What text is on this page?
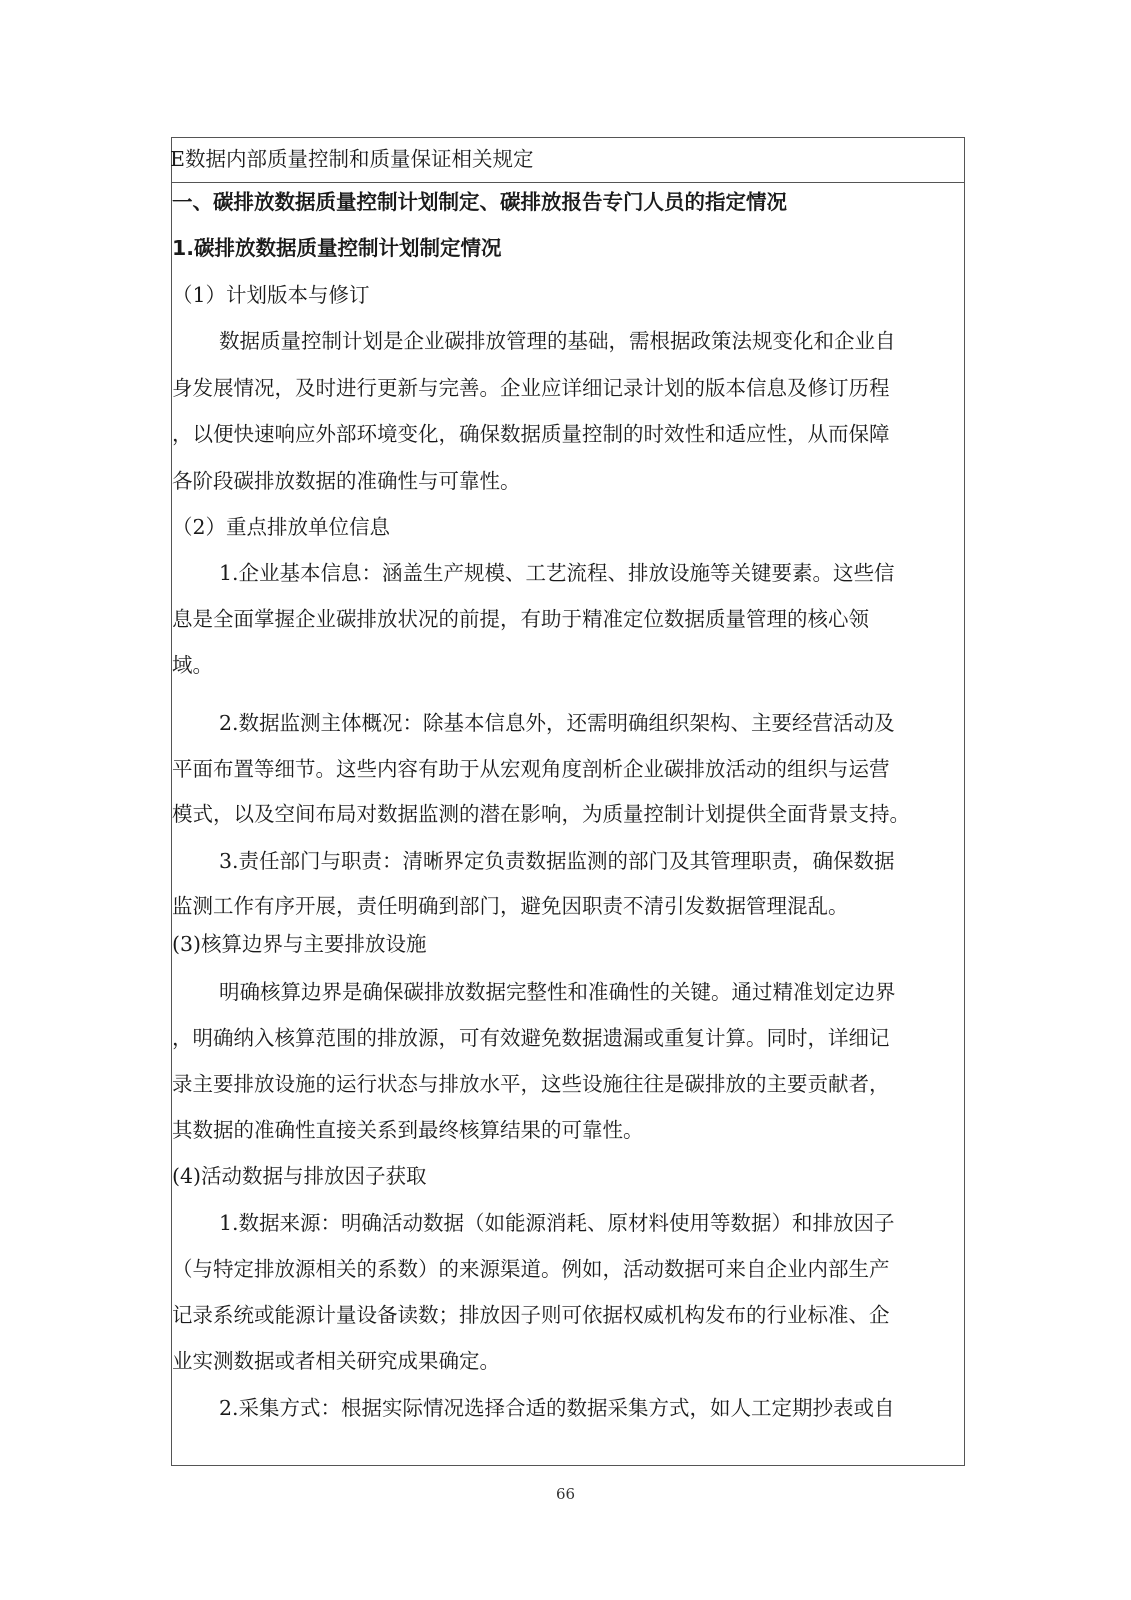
E数据内部质量控制和质量保证相关规定
一、碳排放数据质量控制计划制定、碳排放报告专门人员的指定情况
1.碳排放数据质量控制计划制定情况
（1）计划版本与修订
数据质量控制计划是企业碳排放管理的基础，需根据政策法规变化和企业自
身发展情况，及时进行更新与完善。企业应详细记录计划的版本信息及修订历程
，以便快速响应外部环境变化，确保数据质量控制的时效性和适应性，从而保障
各阶段碳排放数据的准确性与可靠性。
（2）重点排放单位信息
1.企业基本信息：涵盖生产规模、工艺流程、排放设施等关键要素。这些信
息是全面掌握企业碳排放状况的前提，有助于精准定位数据质量管理的核心领
域。
2.数据监测主体概况：除基本信息外，还需明确组织架构、主要经营活动及
平面布置等细节。这些内容有助于从宏观角度剖析企业碳排放活动的组织与运营
模式，以及空间布局对数据监测的潜在影响，为质量控制计划提供全面背景支持。
3.责任部门与职责：清晰界定负责数据监测的部门及其管理职责，确保数据
监测工作有序开展，责任明确到部门，避免因职责不清引发数据管理混乱。
(3)核算边界与主要排放设施
明确核算边界是确保碳排放数据完整性和准确性的关键。通过精准划定边界
，明确纳入核算范围的排放源，可有效避免数据遗漏或重复计算。同时，详细记
录主要排放设施的运行状态与排放水平，这些设施往往是碳排放的主要贡献者，
其数据的准确性直接关系到最终核算结果的可靠性。
(4)活动数据与排放因子获取
1.数据来源：明确活动数据（如能源消耗、原材料使用等数据）和排放因子
（与特定排放源相关的系数）的来源渠道。例如，活动数据可来自企业内部生产
记录系统或能源计量设备读数；排放因子则可依据权威机构发布的行业标准、企
业实测数据或者相关研究成果确定。
2.采集方式：根据实际情况选择合适的数据采集方式，如人工定期抄表或自
66
